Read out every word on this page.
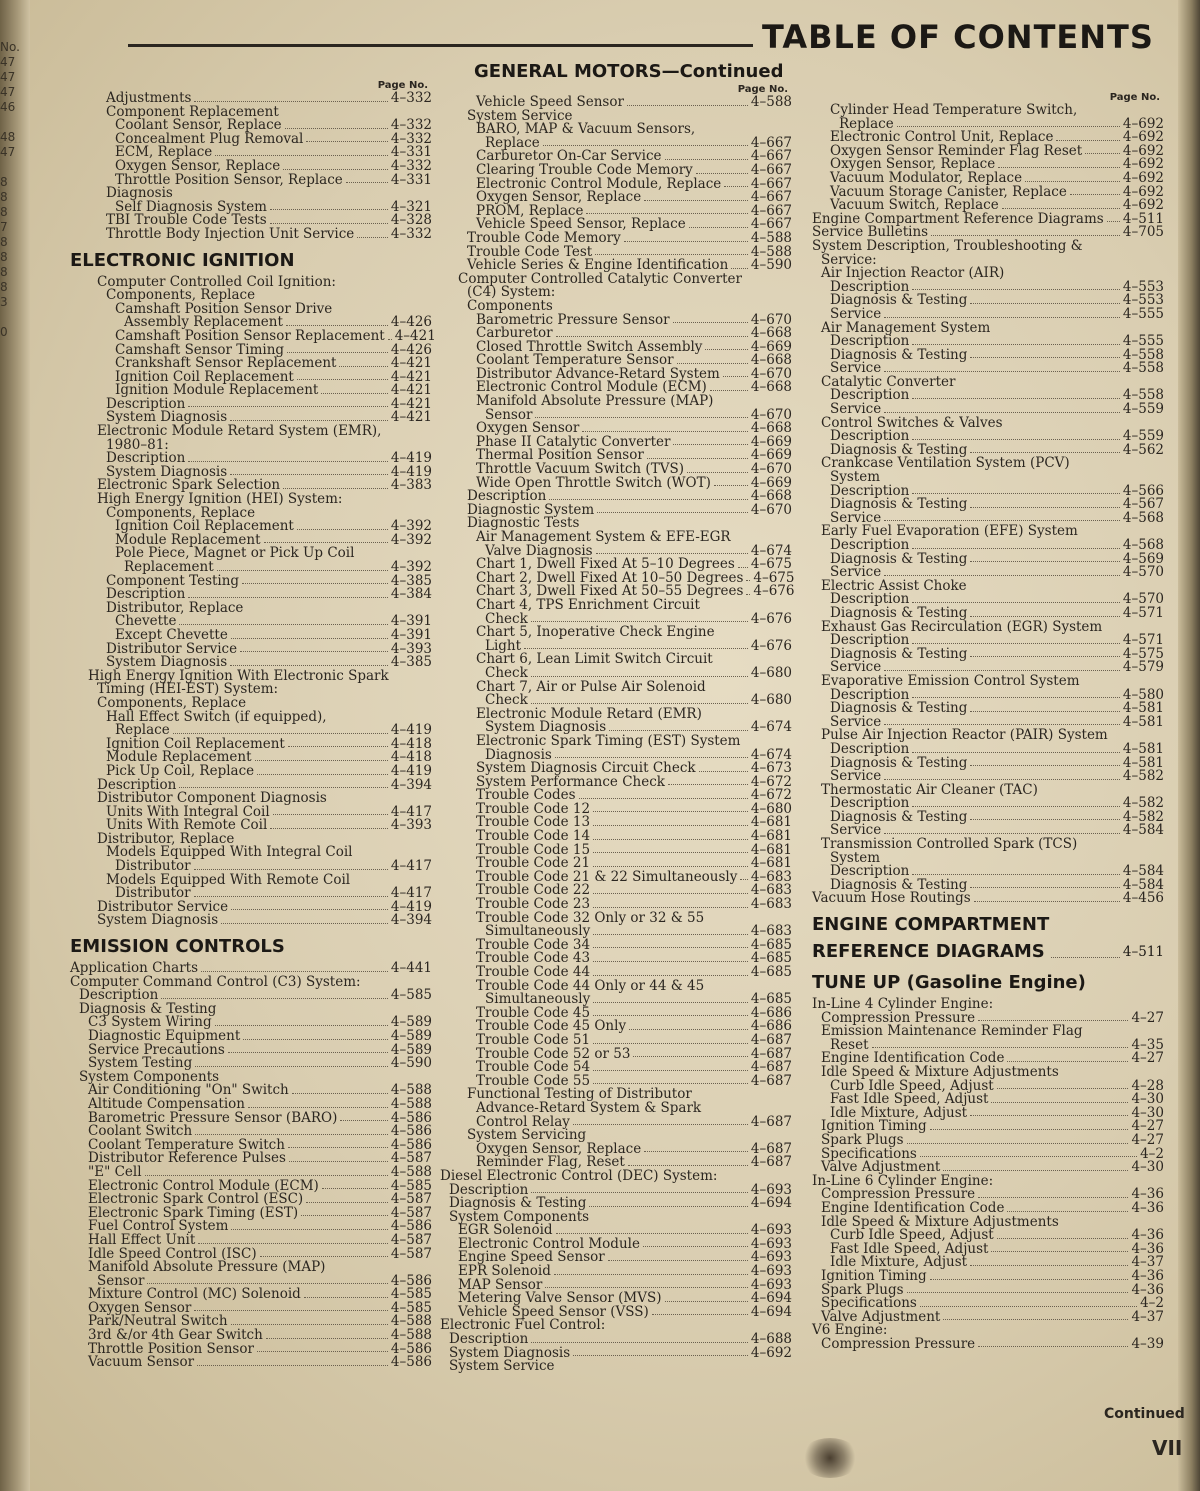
No.
47
47
47
46
48
47
8
8
8
7
8
8
8
8
3
0
TABLE OF CONTENTS
GENERAL MOTORS—Continued
Page No.
Adjustments	4–332
Component Replacement
Coolant Sensor, Replace	4–332
Concealment Plug Removal	4–332
ECM, Replace	4–331
Oxygen Sensor, Replace	4–332
Throttle Position Sensor, Replace	4–331
Diagnosis
Self Diagnosis System	4–321
TBI Trouble Code Tests	4–328
Throttle Body Injection Unit Service	4–332
ELECTRONIC IGNITION
Computer Controlled Coil Ignition:
Components, Replace
Camshaft Position Sensor Drive
Assembly Replacement	4–426
Camshaft Position Sensor Replacement 4–421
Camshaft Sensor Timing	4–426
Crankshaft Sensor Replacement	4–421
Ignition Coil Replacement	4–421
Ignition Module Replacement	4–421
Description	4–421
System Diagnosis	4–421
Electronic Module Retard System (EMR),
1980–81:
Description	4–419
System Diagnosis	4–419
Electronic Spark Selection	4–383
High Energy Ignition (HEI) System:
Components, Replace
Ignition Coil Replacement	4–392
Module Replacement	4–392
Pole Piece, Magnet or Pick Up Coil
Replacement	4–392
Component Testing	4–385
Description	4–384
Distributor, Replace
Chevette	4–391
Except Chevette	4–391
Distributor Service	4–393
System Diagnosis	4–385
High Energy Ignition With Electronic Spark
Timing (HEI-EST) System:
Components, Replace
Hall Effect Switch (if equipped),
Replace	4–419
Ignition Coil Replacement	4–418
Module Replacement	4–418
Pick Up Coil, Replace	4–419
Description	4–394
Distributor Component Diagnosis
Units With Integral Coil	4–417
Units With Remote Coil	4–393
Distributor, Replace
Models Equipped With Integral Coil
Distributor	4–417
Models Equipped With Remote Coil
Distributor	4–417
Distributor Service	4–419
System Diagnosis	4–394
EMISSION CONTROLS
Application Charts	4–441
Computer Command Control (C3) System:
Description	4–585
Diagnosis & Testing
C3 System Wiring	4–589
Diagnostic Equipment	4–589
Service Precautions	4–589
System Testing	4–590
System Components
Air Conditioning "On" Switch	4–588
Altitude Compensation	4–588
Barometric Pressure Sensor (BARO)	4–586
Coolant Switch	4–586
Coolant Temperature Switch	4–586
Distributor Reference Pulses	4–587
"E" Cell	4–588
Electronic Control Module (ECM)	4–585
Electronic Spark Control (ESC)	4–587
Electronic Spark Timing (EST)	4–587
Fuel Control System	4–586
Hall Effect Unit	4–587
Idle Speed Control (ISC)	4–587
Manifold Absolute Pressure (MAP)
Sensor	4–586
Mixture Control (MC) Solenoid	4–585
Oxygen Sensor	4–585
Park/Neutral Switch	4–588
3rd &/or 4th Gear Switch	4–588
Throttle Position Sensor	4–586
Vacuum Sensor	4–586
Page No.
Vehicle Speed Sensor	4–588
System Service
BARO, MAP & Vacuum Sensors,
Replace	4–667
Carburetor On-Car Service	4–667
Clearing Trouble Code Memory	4–667
Electronic Control Module, Replace 4–667
Oxygen Sensor, Replace	4–667
PROM, Replace	4–667
Vehicle Speed Sensor, Replace	4–667
Trouble Code Memory	4–588
Trouble Code Test	4–588
Vehicle Series & Engine Identification 4–590
Computer Controlled Catalytic Converter
(C4) System:
Components
Barometric Pressure Sensor	4–670
Carburetor	4–668
Closed Throttle Switch Assembly	4–669
Coolant Temperature Sensor	4–668
Distributor Advance-Retard System 4–670
Electronic Control Module (ECM)	4–668
Manifold Absolute Pressure (MAP)
Sensor	4–670
Oxygen Sensor	4–668
Phase II Catalytic Converter	4–669
Thermal Position Sensor	4–669
Throttle Vacuum Switch (TVS)	4–670
Wide Open Throttle Switch (WOT)	4–669
Description	4–668
Diagnostic System	4–670
Diagnostic Tests
Air Management System & EFE-EGR
Valve Diagnosis	4–674
Chart 1, Dwell Fixed At 5–10 Degrees 4–675
Chart 2, Dwell Fixed At 10–50 Degrees 4–675
Chart 3, Dwell Fixed At 50–55 Degrees 4–676
Chart 4, TPS Enrichment Circuit
Check	4–676
Chart 5, Inoperative Check Engine
Light	4–676
Chart 6, Lean Limit Switch Circuit
Check	4–680
Chart 7, Air or Pulse Air Solenoid
Check	4–680
Electronic Module Retard (EMR)
System Diagnosis	4–674
Electronic Spark Timing (EST) System
Diagnosis	4–674
System Diagnosis Circuit Check	4–673
System Performance Check	4–672
Trouble Codes	4–672
Trouble Code 12	4–680
Trouble Code 13	4–681
Trouble Code 14	4–681
Trouble Code 15	4–681
Trouble Code 21	4–681
Trouble Code 21 & 22 Simultaneously 4–683
Trouble Code 22	4–683
Trouble Code 23	4–683
Trouble Code 32 Only or 32 & 55
Simultaneously	4–683
Trouble Code 34	4–685
Trouble Code 43	4–685
Trouble Code 44	4–685
Trouble Code 44 Only or 44 & 45
Simultaneously	4–685
Trouble Code 45	4–686
Trouble Code 45 Only	4–686
Trouble Code 51	4–687
Trouble Code 52 or 53	4–687
Trouble Code 54	4–687
Trouble Code 55	4–687
Functional Testing of Distributor
Advance-Retard System & Spark
Control Relay	4–687
System Servicing
Oxygen Sensor, Replace	4–687
Reminder Flag, Reset	4–687
Diesel Electronic Control (DEC) System:
Description	4–693
Diagnosis & Testing	4–694
System Components
EGR Solenoid	4–693
Electronic Control Module	4–693
Engine Speed Sensor	4–693
EPR Solenoid	4–693
MAP Sensor	4–693
Metering Valve Sensor (MVS)	4–694
Vehicle Speed Sensor (VSS)	4–694
Electronic Fuel Control:
Description	4–688
System Diagnosis	4–692
System Service
Page No.
Cylinder Head Temperature Switch,
Replace	4–692
Electronic Control Unit, Replace	4–692
Oxygen Sensor Reminder Flag Reset	4–692
Oxygen Sensor, Replace	4–692
Vacuum Modulator, Replace	4–692
Vacuum Storage Canister, Replace	4–692
Vacuum Switch, Replace	4–692
Engine Compartment Reference Diagrams 4–511
Service Bulletins	4–705
System Description, Troubleshooting &
Service:
Air Injection Reactor (AIR)
Description	4–553
Diagnosis & Testing	4–553
Service	4–555
Air Management System
Description	4–555
Diagnosis & Testing	4–558
Service	4–558
Catalytic Converter
Description	4–558
Service	4–559
Control Switches & Valves
Description	4–559
Diagnosis & Testing	4–562
Crankcase Ventilation System (PCV)
System
Description	4–566
Diagnosis & Testing	4–567
Service	4–568
Early Fuel Evaporation (EFE) System
Description	4–568
Diagnosis & Testing	4–569
Service	4–570
Electric Assist Choke
Description	4–570
Diagnosis & Testing	4–571
Exhaust Gas Recirculation (EGR) System
Description	4–571
Diagnosis & Testing	4–575
Service	4–579
Evaporative Emission Control System
Description	4–580
Diagnosis & Testing	4–581
Service	4–581
Pulse Air Injection Reactor (PAIR) System
Description	4–581
Diagnosis & Testing	4–581
Service	4–582
Thermostatic Air Cleaner (TAC)
Description	4–582
Diagnosis & Testing	4–582
Service	4–584
Transmission Controlled Spark (TCS)
System
Description	4–584
Diagnosis & Testing	4–584
Vacuum Hose Routings	4–456
ENGINE COMPARTMENT
REFERENCE DIAGRAMS	4–511
TUNE UP (Gasoline Engine)
In-Line 4 Cylinder Engine:
Compression Pressure	4–27
Emission Maintenance Reminder Flag
Reset	4–35
Engine Identification Code	4–27
Idle Speed & Mixture Adjustments
Curb Idle Speed, Adjust	4–28
Fast Idle Speed, Adjust	4–30
Idle Mixture, Adjust	4–30
Ignition Timing	4–27
Spark Plugs	4–27
Specifications	4–2
Valve Adjustment	4–30
In-Line 6 Cylinder Engine:
Compression Pressure	4–36
Engine Identification Code	4–36
Idle Speed & Mixture Adjustments
Curb Idle Speed, Adjust	4–36
Fast Idle Speed, Adjust	4–36
Idle Mixture, Adjust	4–37
Ignition Timing	4–36
Spark Plugs	4–36
Specifications	4–2
Valve Adjustment	4–37
V6 Engine:
Compression Pressure	4–39
Continued
VII
